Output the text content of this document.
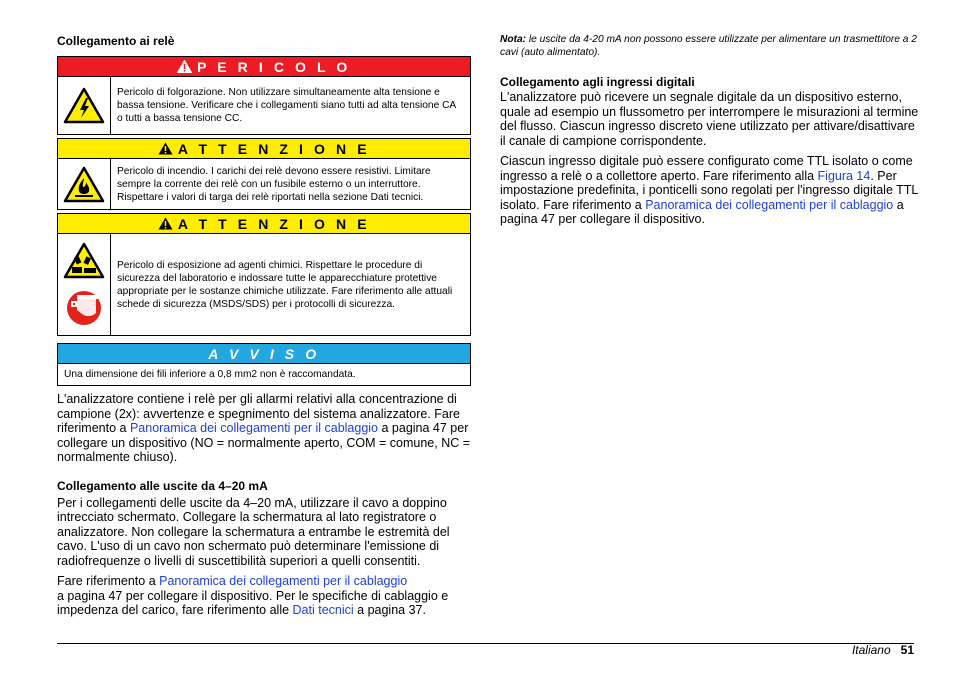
Collegamento ai relè
P E R I C O L O
Pericolo di folgorazione. Non utilizzare simultaneamente alta tensione e bassa tensione. Verificare che i collegamenti siano tutti ad alta tensione CA o tutti a bassa tensione CC.
A T T E N Z I O N E
Pericolo di incendio. I carichi dei relè devono essere resistivi. Limitare sempre la corrente dei relè con un fusibile esterno o un interruttore. Rispettare i valori di targa dei relè riportati nella sezione Dati tecnici.
A T T E N Z I O N E
Pericolo di esposizione ad agenti chimici. Rispettare le procedure di sicurezza del laboratorio e indossare tutte le apparecchiature protettive appropriate per le sostanze chimiche utilizzate. Fare riferimento alle attuali schede di sicurezza (MSDS/SDS) per i protocolli di sicurezza.
A V V I S O
Una dimensione dei fili inferiore a 0,8 mm2 non è raccomandata.

L'analizzatore contiene i relè per gli allarmi relativi alla concentrazione di campione (2x): avvertenze e spegnimento del sistema analizzatore. Fare riferimento a Panoramica dei collegamenti per il cablaggio a pagina 47 per collegare un dispositivo (NO = normalmente aperto, COM = comune, NC = normalmente chiuso).

Collegamento alle uscite da 4–20 mA

Per i collegamenti delle uscite da 4–20 mA, utilizzare il cavo a doppino intrecciato schermato. Collegare la schermatura al lato registratore o analizzatore. Non collegare la schermatura a entrambe le estremità del cavo. L'uso di un cavo non schermato può determinare l'emissione di radiofrequenze o livelli di suscettibilità superiori a quelli consentiti.

Fare riferimento a Panoramica dei collegamenti per il cablaggio
a pagina 47 per collegare il dispositivo. Per le specifiche di cablaggio e impedenza del carico, fare riferimento alle Dati tecnici a pagina 37.

Nota: le uscite da 4-20 mA non possono essere utilizzate per alimentare un trasmettitore a 2 cavi (auto alimentato).

Collegamento agli ingressi digitali

L'analizzatore può ricevere un segnale digitale da un dispositivo esterno, quale ad esempio un flussometro per interrompere le misurazioni al termine del flusso. Ciascun ingresso discreto viene utilizzato per attivare/disattivare il canale di campione corrispondente.

Ciascun ingresso digitale può essere configurato come TTL isolato o come ingresso a relè o a collettore aperto. Fare riferimento alla Figura 14. Per impostazione predefinita, i ponticelli sono regolati per l'ingresso digitale TTL isolato. Fare riferimento a Panoramica dei collegamenti per il cablaggio a pagina 47 per collegare il dispositivo.

Italiano 51
